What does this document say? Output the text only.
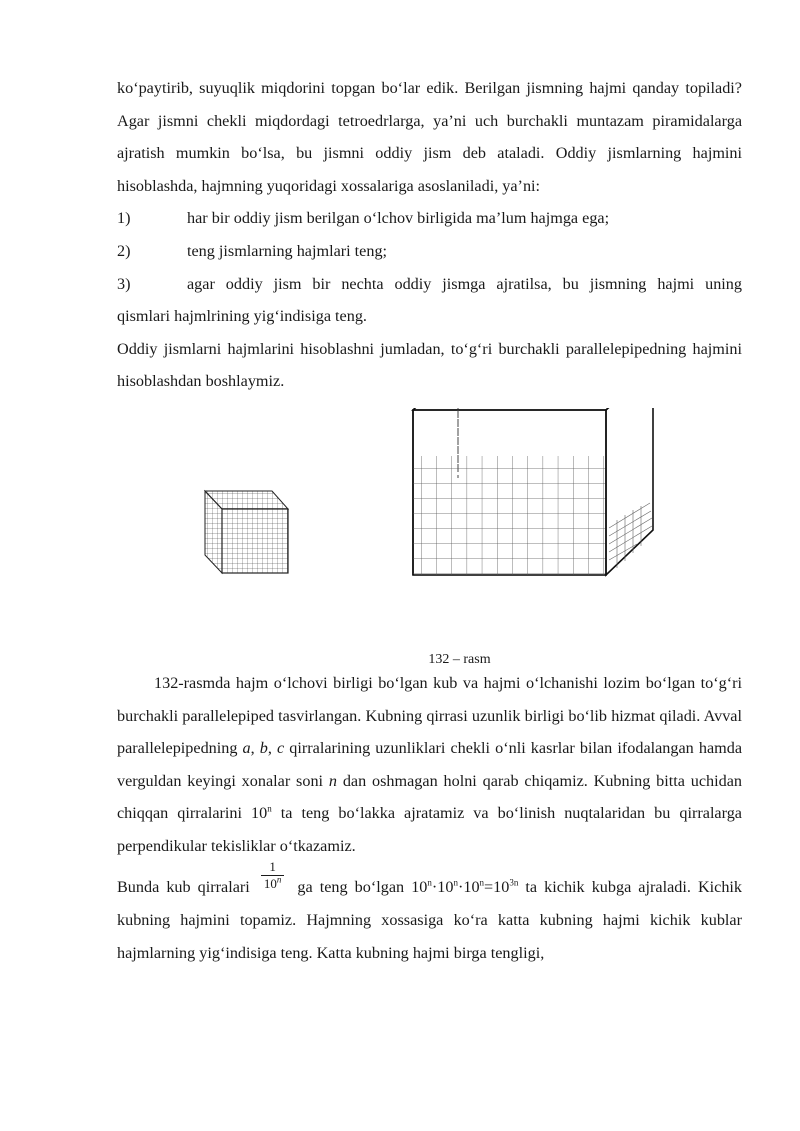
ko‘paytirib, suyuqlik miqdorini topgan bo‘lar edik. Berilgan jismning hajmi qanday topiladi? Agar jismni chekli miqdordagi tetroedrlarga, ya’ni uch burchakli muntazam piramidalarga ajratish mumkin bo‘lsa, bu jismni oddiy jism deb ataladi. Oddiy jismlarning hajmini hisoblashda, hajmning yuqoridagi xossalariga asoslaniladi, ya’ni:

1)	har bir oddiy jism berilgan o‘lchov birligida ma’lum hajmga ega;
2)	teng jismlarning hajmlari teng;
3)	agar oddiy jism bir nechta oddiy jismga ajratilsa, bu jismning hajmi uning

qismlari hajmlrining yig‘indisiga teng.

Oddiy jismlarni hajmlarini hisoblashni jumladan, to‘g‘ri burchakli parallelepipedning hajmini hisoblashdan boshlaymiz.

132 – rasm

132-rasmda hajm o‘lchovi birligi bo‘lgan kub va hajmi o‘lchanishi lozim bo‘lgan to‘g‘ri burchakli parallelepiped tasvirlangan. Kubning qirrasi uzunlik birligi bo‘lib hizmat qiladi. Avval parallelepipedning a, b, c qirralarining uzunliklari chekli o‘nli kasrlar bilan ifodalangan hamda verguldan keyingi xonalar soni n dan oshmagan holni qarab chiqamiz. Kubning bitta uchidan chiqqan qirralarini 10$^n$ ta teng bo‘lakka ajratamiz va bo‘linish nuqtalaridan bu qirralarga perpendikular tekisliklar o‘tkazamiz.

Bunda kub qirralari $\frac{1}{10^n}$ ga teng bo‘lgan $10^n\cdot 10^n\cdot 10^n=10^{3n}$ ta kichik kubga ajraladi. Kichik kubning hajmini topamiz. Hajmning xossasiga ko‘ra katta kubning hajmi kichik kublar hajmlarning yig‘indisiga teng. Katta kubning hajmi birga tengligi,
